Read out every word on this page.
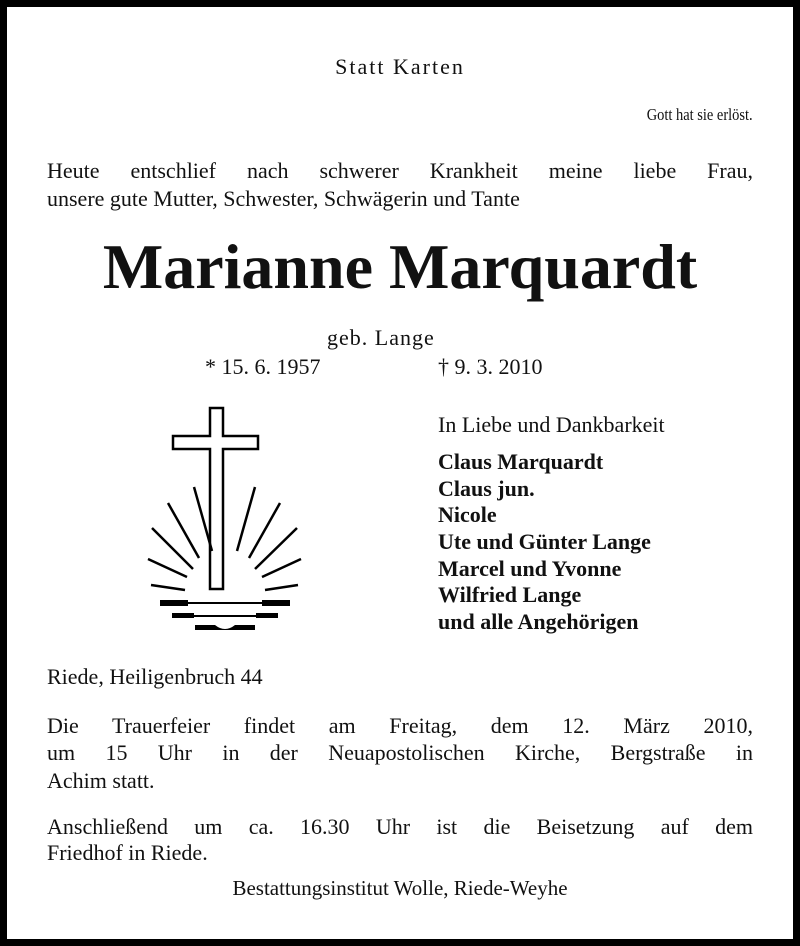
Statt Karten
Gott hat sie erlöst.
Heute entschlief nach schwerer Krankheit meine liebe Frau,
unsere gute Mutter, Schwester, Schwägerin und Tante
Marianne Marquardt
geb. Lange
* 15. 6. 1957	† 9. 3. 2010
In Liebe und Dankbarkeit
Claus Marquardt
Claus jun.
Nicole
Ute und Günter Lange
Marcel und Yvonne
Wilfried Lange
und alle Angehörigen
Riede, Heiligenbruch 44
Die Trauerfeier findet am Freitag, dem 12. März 2010,
um 15 Uhr in der Neuapostolischen Kirche, Bergstraße in
Achim statt.
Anschließend um ca. 16.30 Uhr ist die Beisetzung auf dem
Friedhof in Riede.
Bestattungsinstitut Wolle, Riede-Weyhe
